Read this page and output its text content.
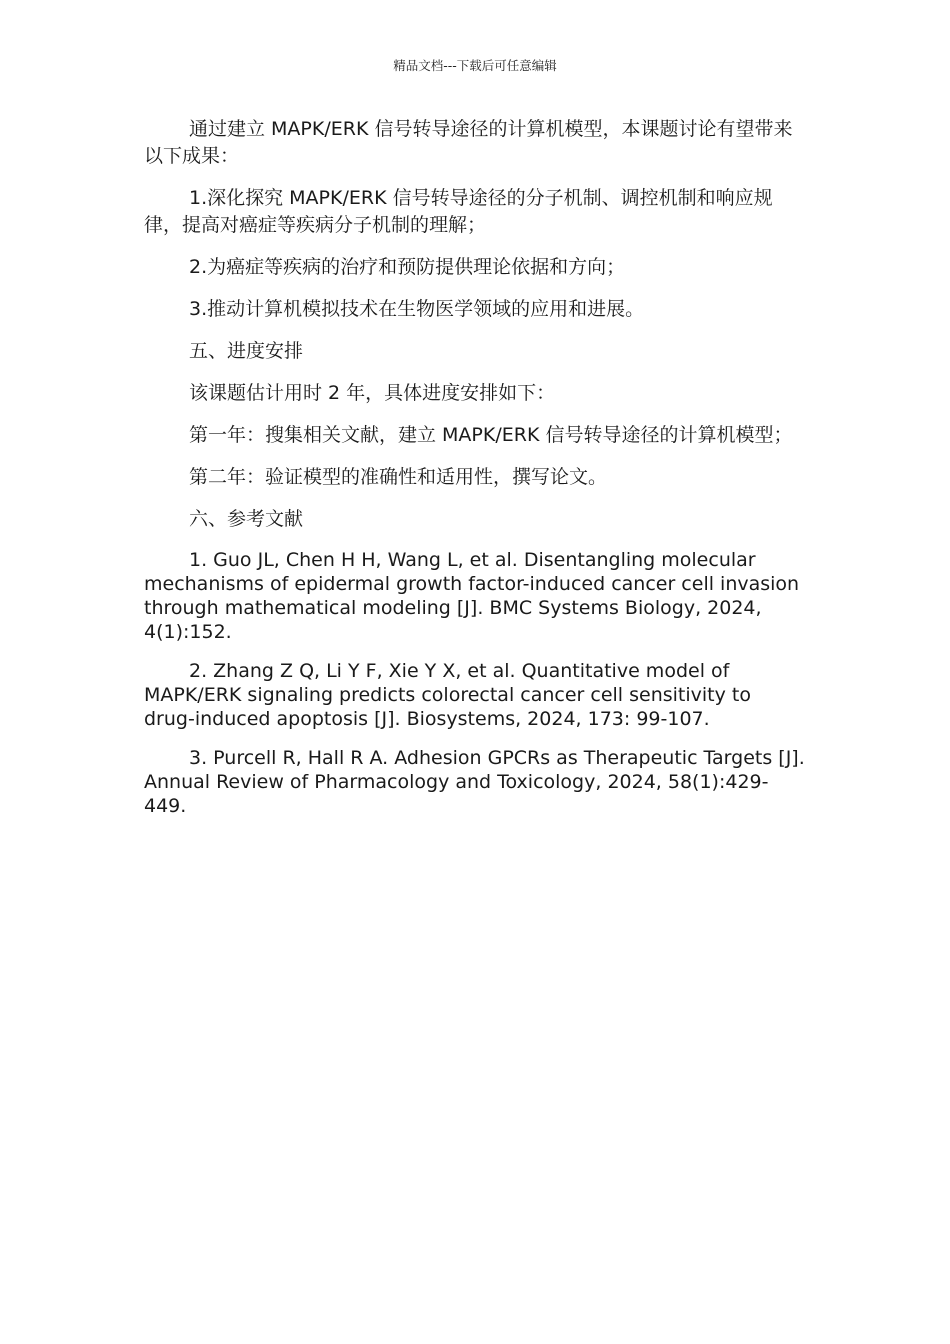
精品文档---下载后可任意编辑

通过建立 MAPK/ERK 信号转导途径的计算机模型，本课题讨论有望带来以下成果：

1.深化探究 MAPK/ERK 信号转导途径的分子机制、调控机制和响应规律，提高对癌症等疾病分子机制的理解；

2.为癌症等疾病的治疗和预防提供理论依据和方向；

3.推动计算机模拟技术在生物医学领域的应用和进展。

五、进度安排

该课题估计用时 2 年，具体进度安排如下：

第一年：搜集相关文献，建立 MAPK/ERK 信号转导途径的计算机模型；

第二年：验证模型的准确性和适用性，撰写论文。

六、参考文献

1. Guo JL, Chen H H, Wang L, et al. Disentangling molecular mechanisms of epidermal growth factor-induced cancer cell invasion through mathematical modeling [J]. BMC Systems Biology, 2024, 4(1):152.

2. Zhang Z Q, Li Y F, Xie Y X, et al. Quantitative model of MAPK/ERK signaling predicts colorectal cancer cell sensitivity to drug-induced apoptosis [J]. Biosystems, 2024, 173: 99-107.

3. Purcell R, Hall R A. Adhesion GPCRs as Therapeutic Targets [J]. Annual Review of Pharmacology and Toxicology, 2024, 58(1):429-449.
